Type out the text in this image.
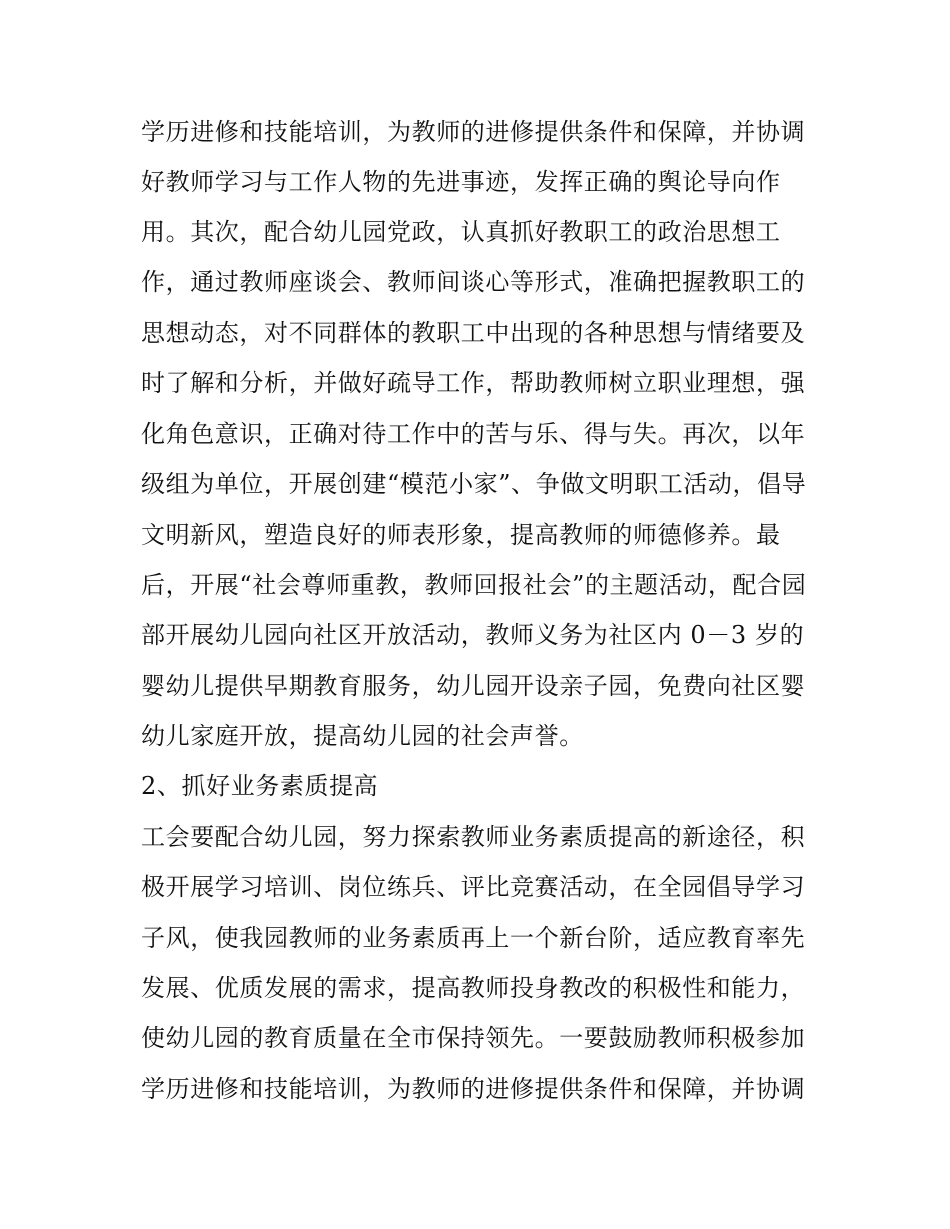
学历进修和技能培训，为教师的进修提供条件和保障，并协调
好教师学习与工作人物的先进事迹，发挥正确的舆论导向作
用。其次，配合幼儿园党政，认真抓好教职工的政治思想工
作，通过教师座谈会、教师间谈心等形式，准确把握教职工的
思想动态，对不同群体的教职工中出现的各种思想与情绪要及
时了解和分析，并做好疏导工作，帮助教师树立职业理想，强
化角色意识，正确对待工作中的苦与乐、得与失。再次，以年
级组为单位，开展创建“模范小家”、争做文明职工活动，倡导
文明新风，塑造良好的师表形象，提高教师的师德修养。最
后，开展“社会尊师重教，教师回报社会”的主题活动，配合园
部开展幼儿园向社区开放活动，教师义务为社区内 0－3 岁的
婴幼儿提供早期教育服务，幼儿园开设亲子园，免费向社区婴
幼儿家庭开放，提高幼儿园的社会声誉。
2、抓好业务素质提高
工会要配合幼儿园，努力探索教师业务素质提高的新途径，积
极开展学习培训、岗位练兵、评比竞赛活动，在全园倡导学习
子风，使我园教师的业务素质再上一个新台阶，适应教育率先
发展、优质发展的需求，提高教师投身教改的积极性和能力，
使幼儿园的教育质量在全市保持领先。一要鼓励教师积极参加
学历进修和技能培训，为教师的进修提供条件和保障，并协调
